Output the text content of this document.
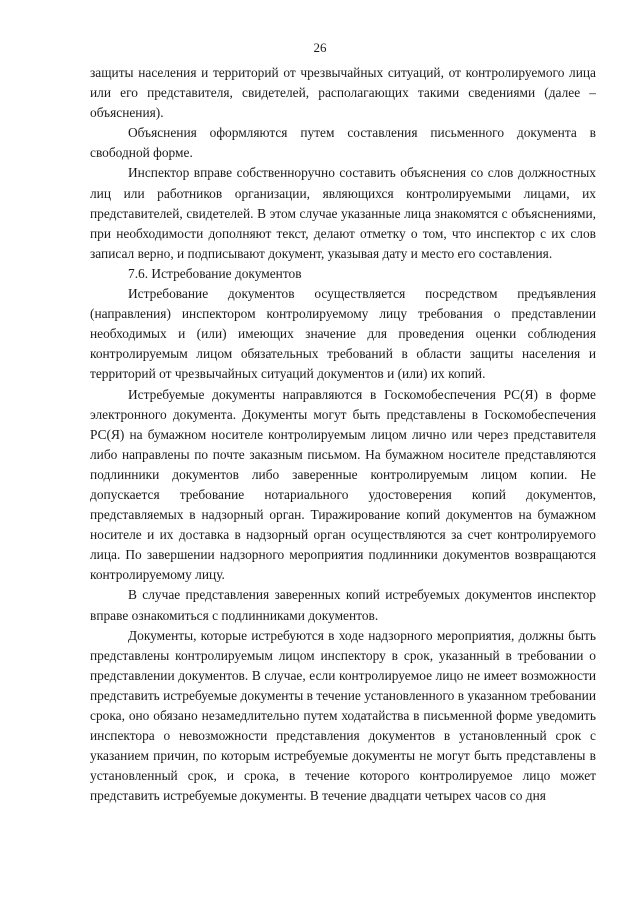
26

защиты населения и территорий от чрезвычайных ситуаций, от контролируемого лица или его представителя, свидетелей, располагающих такими сведениями (далее – объяснения).

Объяснения оформляются путем составления письменного документа в свободной форме.

Инспектор вправе собственноручно составить объяснения со слов должностных лиц или работников организации, являющихся контролируемыми лицами, их представителей, свидетелей. В этом случае указанные лица знакомятся с объяснениями, при необходимости дополняют текст, делают отметку о том, что инспектор с их слов записал верно, и подписывают документ, указывая дату и место его составления.

7.6. Истребование документов

Истребование документов осуществляется посредством предъявления (направления) инспектором контролируемому лицу требования о представлении необходимых и (или) имеющих значение для проведения оценки соблюдения контролируемым лицом обязательных требований в области защиты населения и территорий от чрезвычайных ситуаций документов и (или) их копий.

Истребуемые документы направляются в Госкомобеспечения РС(Я) в форме электронного документа. Документы могут быть представлены в Госкомобеспечения РС(Я) на бумажном носителе контролируемым лицом лично или через представителя либо направлены по почте заказным письмом. На бумажном носителе представляются подлинники документов либо заверенные контролируемым лицом копии. Не допускается требование нотариального удостоверения копий документов, представляемых в надзорный орган. Тиражирование копий документов на бумажном носителе и их доставка в надзорный орган осуществляются за счет контролируемого лица. По завершении надзорного мероприятия подлинники документов возвращаются контролируемому лицу.

В случае представления заверенных копий истребуемых документов инспектор вправе ознакомиться с подлинниками документов.

Документы, которые истребуются в ходе надзорного мероприятия, должны быть представлены контролируемым лицом инспектору в срок, указанный в требовании о представлении документов. В случае, если контролируемое лицо не имеет возможности представить истребуемые документы в течение установленного в указанном требовании срока, оно обязано незамедлительно путем ходатайства в письменной форме уведомить инспектора о невозможности представления документов в установленный срок с указанием причин, по которым истребуемые документы не могут быть представлены в установленный срок, и срока, в течение которого контролируемое лицо может представить истребуемые документы. В течение двадцати четырех часов со дня
